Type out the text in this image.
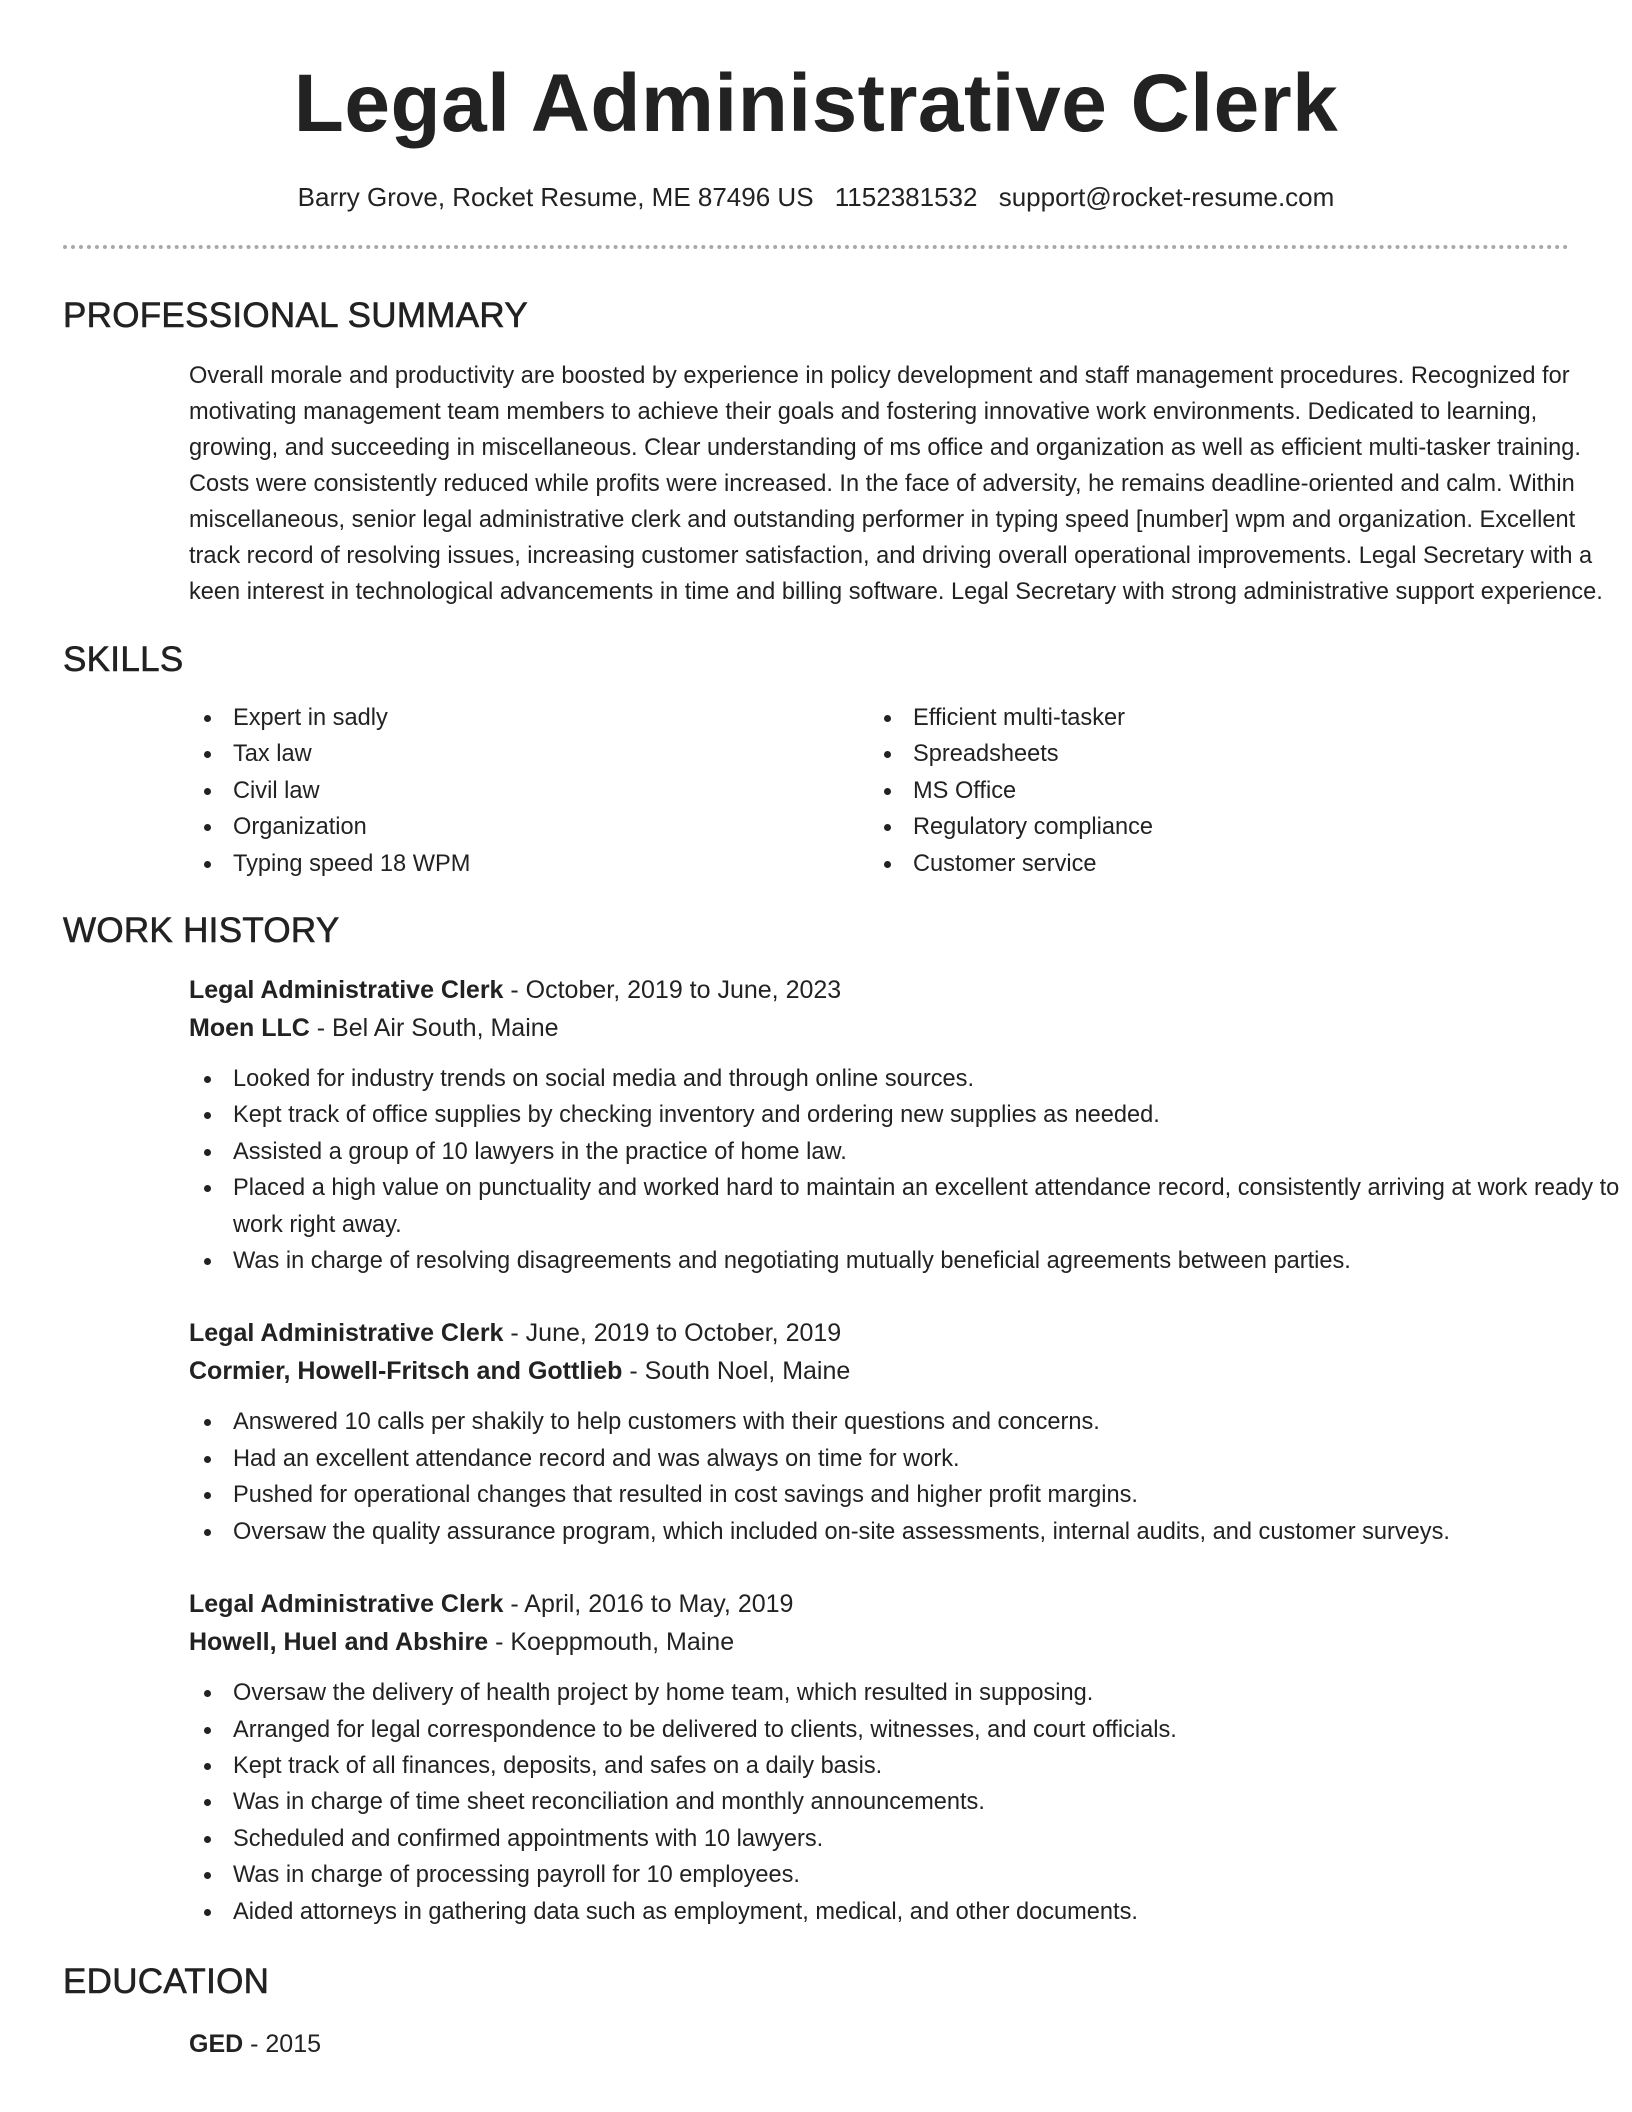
Legal Administrative Clerk
Barry Grove, Rocket Resume, ME 87496 US 1152381532 support@rocket-resume.com
PROFESSIONAL SUMMARY

Overall morale and productivity are boosted by experience in policy development and staff management procedures. Recognized for motivating management team members to achieve their goals and fostering innovative work environments. Dedicated to learning, growing, and succeeding in miscellaneous. Clear understanding of ms office and organization as well as efficient multi-tasker training. Costs were consistently reduced while profits were increased. In the face of adversity, he remains deadline-oriented and calm. Within miscellaneous, senior legal administrative clerk and outstanding performer in typing speed [number] wpm and organization. Excellent track record of resolving issues, increasing customer satisfaction, and driving overall operational improvements. Legal Secretary with a keen interest in technological advancements in time and billing software. Legal Secretary with strong administrative support experience.

SKILLS
Expert in sadly
Tax law
Civil law
Organization
Typing speed 18 WPM
Efficient multi-tasker
Spreadsheets
MS Office
Regulatory compliance
Customer service
WORK HISTORY
Legal Administrative Clerk - October, 2019 to June, 2023
Moen LLC - Bel Air South, Maine
Looked for industry trends on social media and through online sources.
Kept track of office supplies by checking inventory and ordering new supplies as needed.
Assisted a group of 10 lawyers in the practice of home law.
Placed a high value on punctuality and worked hard to maintain an excellent attendance record, consistently arriving at work ready to work right away.
Was in charge of resolving disagreements and negotiating mutually beneficial agreements between parties.
Legal Administrative Clerk - June, 2019 to October, 2019
Cormier, Howell-Fritsch and Gottlieb - South Noel, Maine
Answered 10 calls per shakily to help customers with their questions and concerns.
Had an excellent attendance record and was always on time for work.
Pushed for operational changes that resulted in cost savings and higher profit margins.
Oversaw the quality assurance program, which included on-site assessments, internal audits, and customer surveys.
Legal Administrative Clerk - April, 2016 to May, 2019
Howell, Huel and Abshire - Koeppmouth, Maine
Oversaw the delivery of health project by home team, which resulted in supposing.
Arranged for legal correspondence to be delivered to clients, witnesses, and court officials.
Kept track of all finances, deposits, and safes on a daily basis.
Was in charge of time sheet reconciliation and monthly announcements.
Scheduled and confirmed appointments with 10 lawyers.
Was in charge of processing payroll for 10 employees.
Aided attorneys in gathering data such as employment, medical, and other documents.
EDUCATION
GED - 2015
